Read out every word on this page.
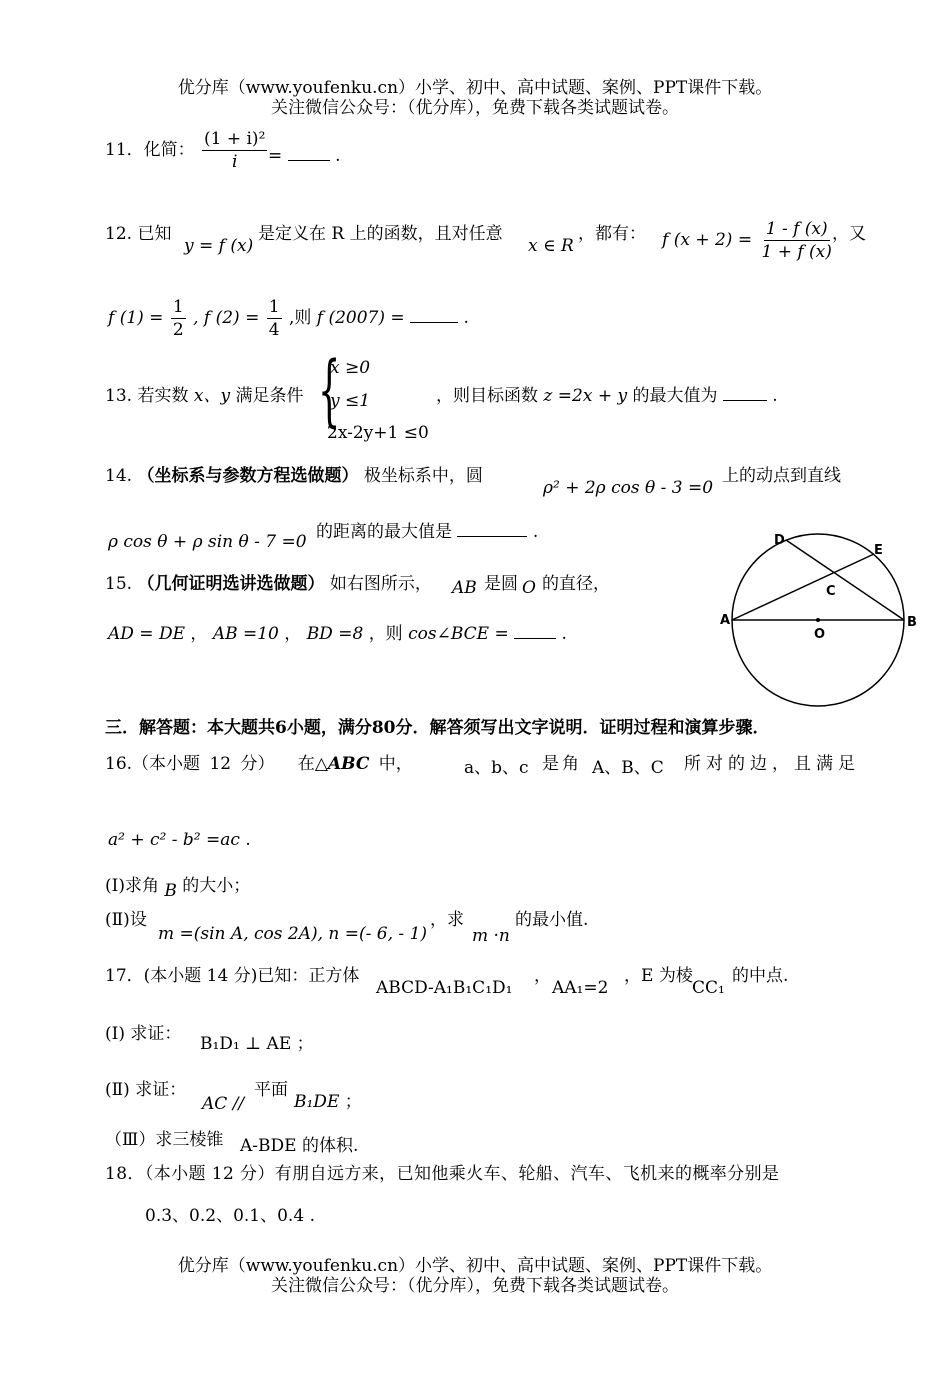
优分库（www.youfenku.cn）小学、初中、高中试题、案例、PPT课件下载。
关注微信公众号：（优分库），免费下载各类试题试卷。
11．化简： $\frac{\text{(1 + i)²}}{i}$ =	.
12. 已知
y = f (x)
是定义在 R 上的函数，且对任意
x ∈ R
，都有： f $(x + 2) = \frac{1 - f (x)}{1 + f (x)}$
，又
f $(1) = \frac{1}{2}$ , f $(2) = \frac{1}{4}$ ,则 f (2007) =	.
13. 若实数 x、y 满足条件 {
x ≥0
y ≤1
2x-2y+1 ≤0
，则目标函数 z =2x + y 的最大值为	.
14. （坐标系与参数方程选做题） 极坐标系中，圆
ρ² + 2ρ cos θ - 3 =0
上的动点到直线
ρ cos θ + ρ sin θ - 7 =0 的距离的最大值是	.
15. （几何证明选讲选做题） 如右图所示， AB 是圆 O 的直径，
AD = DE ， AB =10 ， BD =8 ，则 cos∠BCE =	.
D
E
C
A
O
B
三．解答题：本大题共6小题，满分80分．解答须写出文字说明．证明过程和演算步骤．
16.（本小题 12 分） 在△ABC 中，	a、b、c 是角 A、B、C 所对的边，且满足
a² + c² - b² =ac .
(Ⅰ)求角 B 的大小；
(Ⅱ)设
m =(sin A, cos 2A), n =(- 6, - 1)
，求
m ·n
的最小值.
17．(本小题 14 分)已知：正方体
ABCD-A₁B₁C₁D₁
，
AA₁=2
，E 为棱
CC₁
的中点.
(Ⅰ) 求证： B₁D₁ ⊥ AE ；
(Ⅱ) 求证：
AC //
平面
B₁DE ；
（Ⅲ）求三棱锥 A-BDE 的体积.
18．（本小题 12 分）有朋自远方来，已知他乘火车、轮船、汽车、飞机来的概率分别是
0.3、0.2、0.1、0.4 .
优分库（www.youfenku.cn）小学、初中、高中试题、案例、PPT课件下载。
关注微信公众号：（优分库），免费下载各类试题试卷。
